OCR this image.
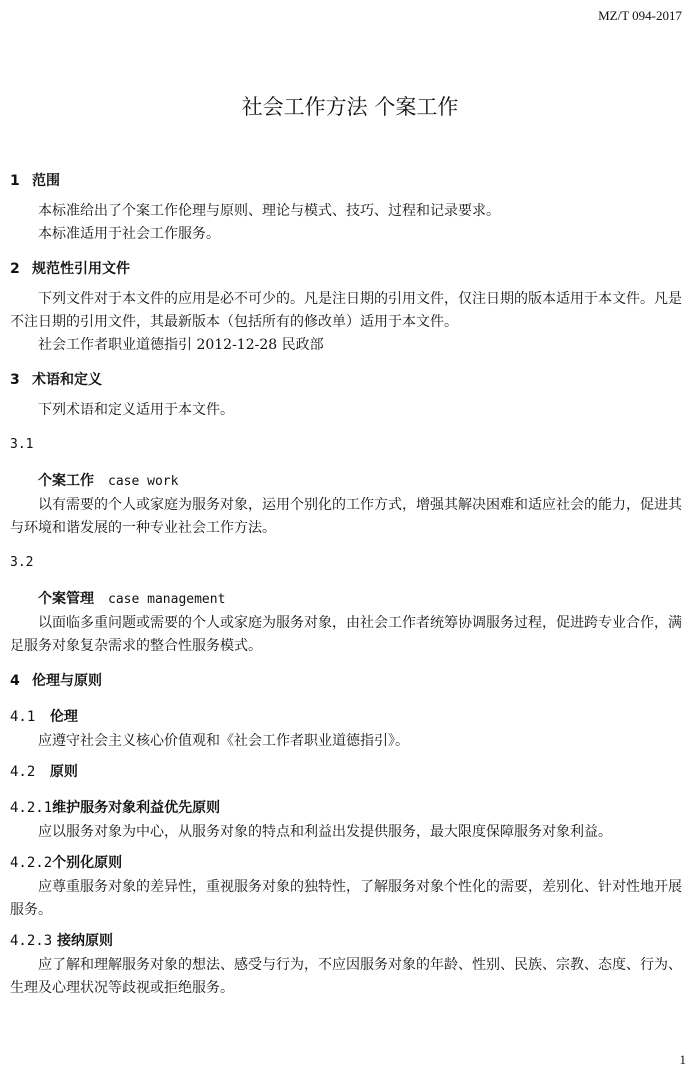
MZ/T 094-2017
社会工作方法 个案工作
1 范围

本标准给出了个案工作伦理与原则、理论与模式、技巧、过程和记录要求。

本标准适用于社会工作服务。

2 规范性引用文件

下列文件对于本文件的应用是必不可少的。凡是注日期的引用文件，仅注日期的版本适用于本文件。凡是不注日期的引用文件，其最新版本（包括所有的修改单）适用于本文件。

社会工作者职业道德指引 2012-12-28 民政部

3 术语和定义

下列术语和定义适用于本文件。

3.1
个案工作 case work

以有需要的个人或家庭为服务对象，运用个别化的工作方式，增强其解决困难和适应社会的能力，促进其与环境和谐发展的一种专业社会工作方法。

3.2
个案管理 case management

以面临多重问题或需要的个人或家庭为服务对象，由社会工作者统筹协调服务过程，促进跨专业合作，满足服务对象复杂需求的整合性服务模式。

4 伦理与原则
4.1 伦理

应遵守社会主义核心价值观和《社会工作者职业道德指引》。

4.2 原则
4.2.1维护服务对象利益优先原则

应以服务对象为中心，从服务对象的特点和利益出发提供服务，最大限度保障服务对象利益。

4.2.2个别化原则

应尊重服务对象的差异性，重视服务对象的独特性，了解服务对象个性化的需要，差别化、针对性地开展服务。

4.2.3 接纳原则

应了解和理解服务对象的想法、感受与行为，不应因服务对象的年龄、性别、民族、宗教、态度、行为、生理及心理状况等歧视或拒绝服务。

1
